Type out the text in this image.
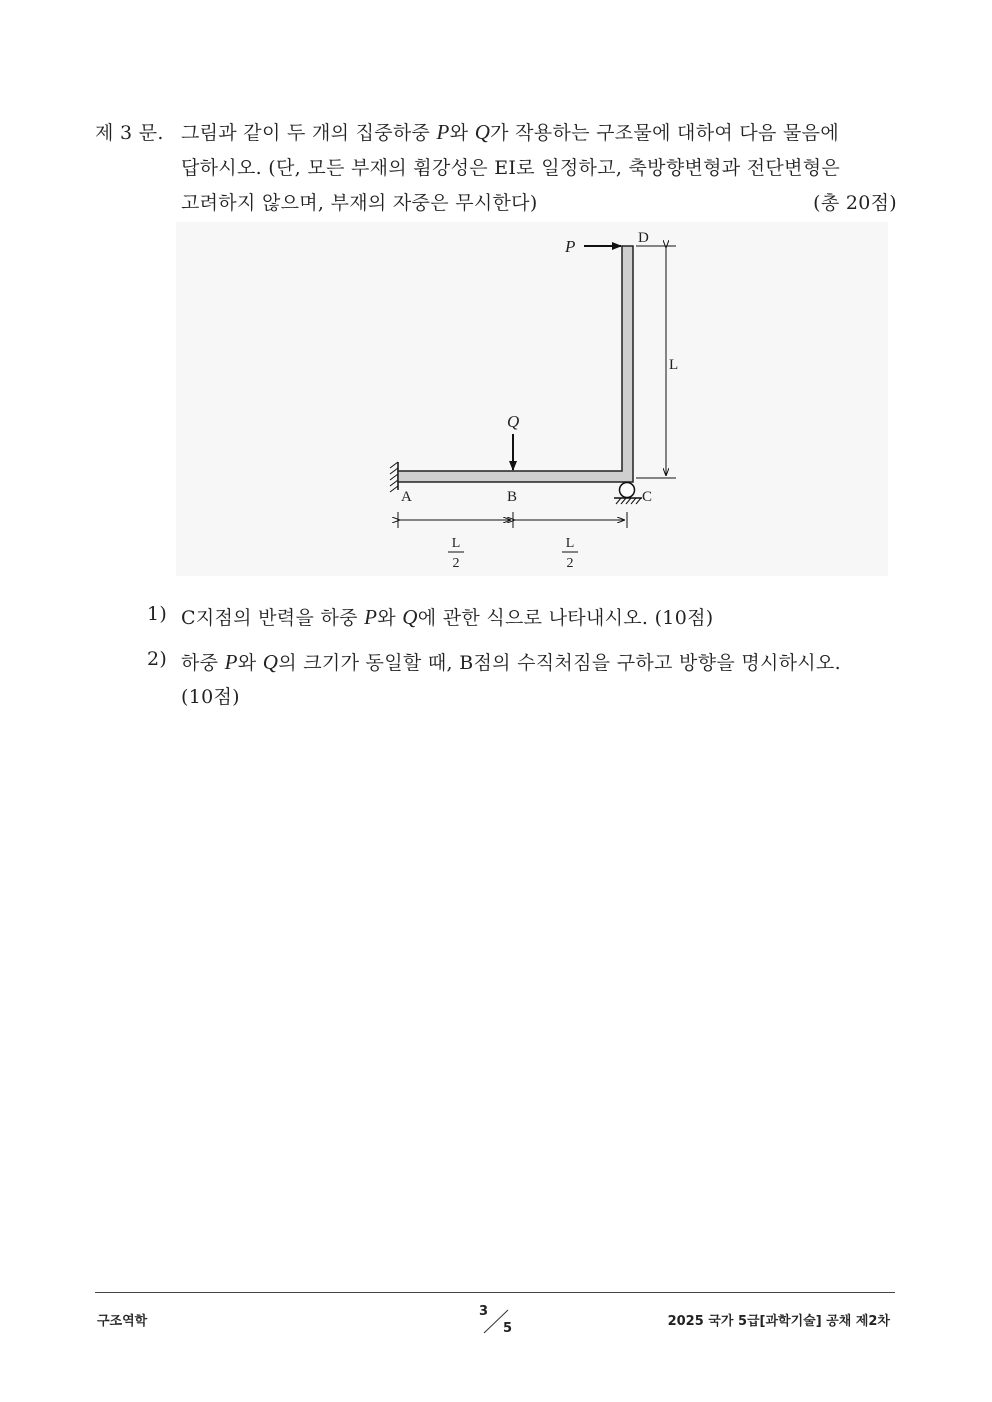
제 3 문. 그림과 같이 두 개의 집중하중 P와 Q가 작용하는 구조물에 대하여 다음 물음에
답하시오. (단, 모든 부재의 휨강성은 EI로 일정하고, 축방향변형과 전단변형은
고려하지 않으며, 부재의 자중은 무시한다)	(총 20점)
P
Q
A	B	C
D
L
L
2
L
2
1) C지점의 반력을 하중 P와 Q에 관한 식으로 나타내시오. (10점)
2) 하중 P와 Q의 크기가 동일할 때, B점의 수직처짐을 구하고 방향을 명시하시오.
(10점)
구조역학
3
5	2025 국가 5급[과학기술] 공채 제2차
